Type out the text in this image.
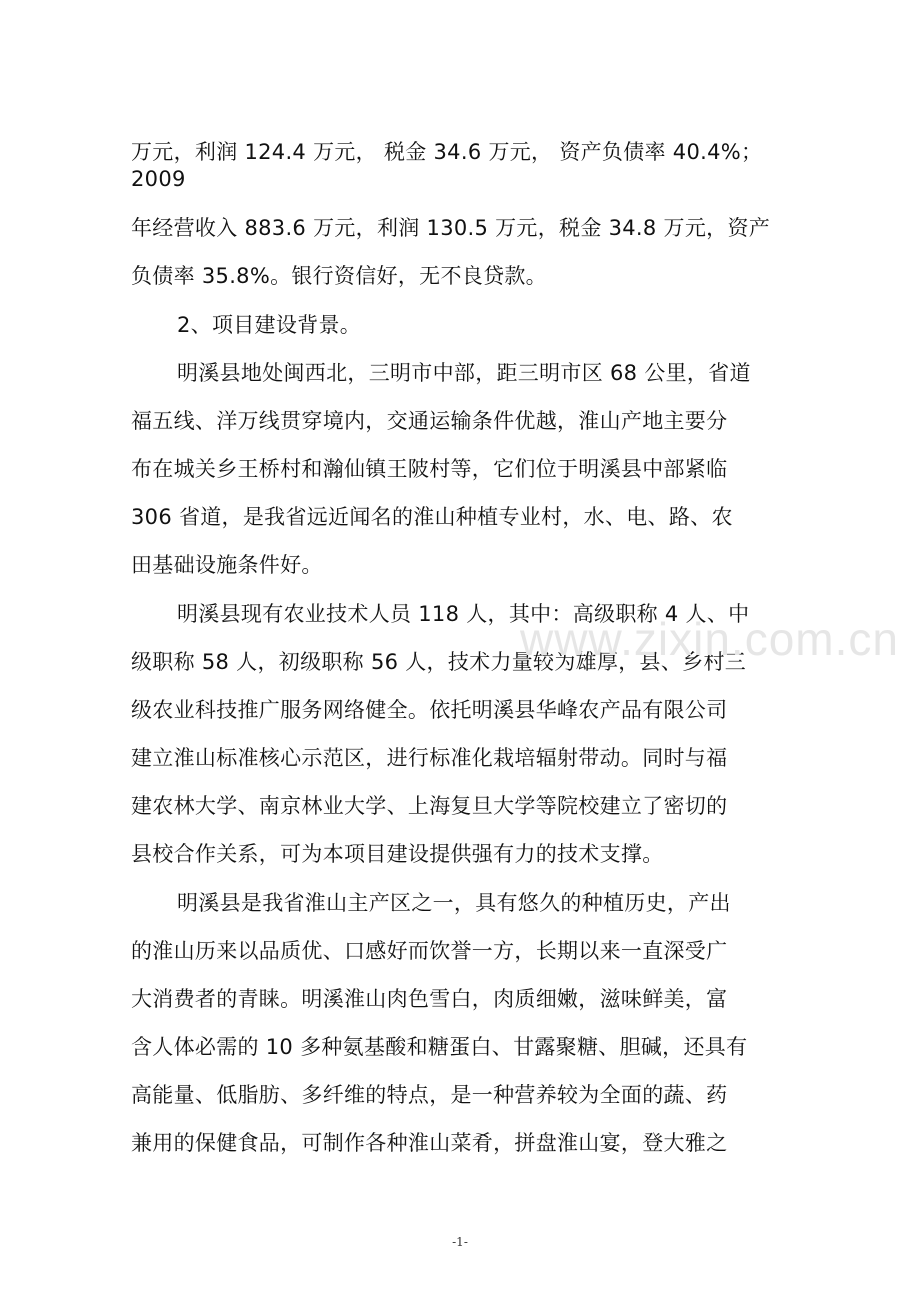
万元，利润 124.4 万元， 税金 34.6 万元， 资产负债率 40.4%；
2009
年经营收入 883.6 万元，利润 130.5 万元，税金 34.8 万元，资产
负债率 35.8%。银行资信好，无不良贷款。
2、项目建设背景。
明溪县地处闽西北，三明市中部，距三明市区 68 公里，省道
福五线、洋万线贯穿境内，交通运输条件优越，淮山产地主要分
布在城关乡王桥村和瀚仙镇王陂村等，它们位于明溪县中部紧临
306 省道，是我省远近闻名的淮山种植专业村，水、电、路、农
田基础设施条件好。
明溪县现有农业技术人员 118 人，其中：高级职称 4 人、中
级职称 58 人，初级职称 56 人，技术力量较为雄厚，县、乡村三
级农业科技推广服务网络健全。依托明溪县华峰农产品有限公司
建立淮山标准核心示范区，进行标准化栽培辐射带动。同时与福
建农林大学、南京林业大学、上海复旦大学等院校建立了密切的
县校合作关系，可为本项目建设提供强有力的技术支撑。
明溪县是我省淮山主产区之一，具有悠久的种植历史，产出
的淮山历来以品质优、口感好而饮誉一方，长期以来一直深受广
大消费者的青睐。明溪淮山肉色雪白，肉质细嫩，滋味鲜美，富
含人体必需的 10 多种氨基酸和糖蛋白、甘露聚糖、胆碱，还具有
高能量、低脂肪、多纤维的特点，是一种营养较为全面的蔬、药
兼用的保健食品，可制作各种淮山菜肴，拼盘淮山宴，登大雅之
www.zixin.com.cn
-1-
